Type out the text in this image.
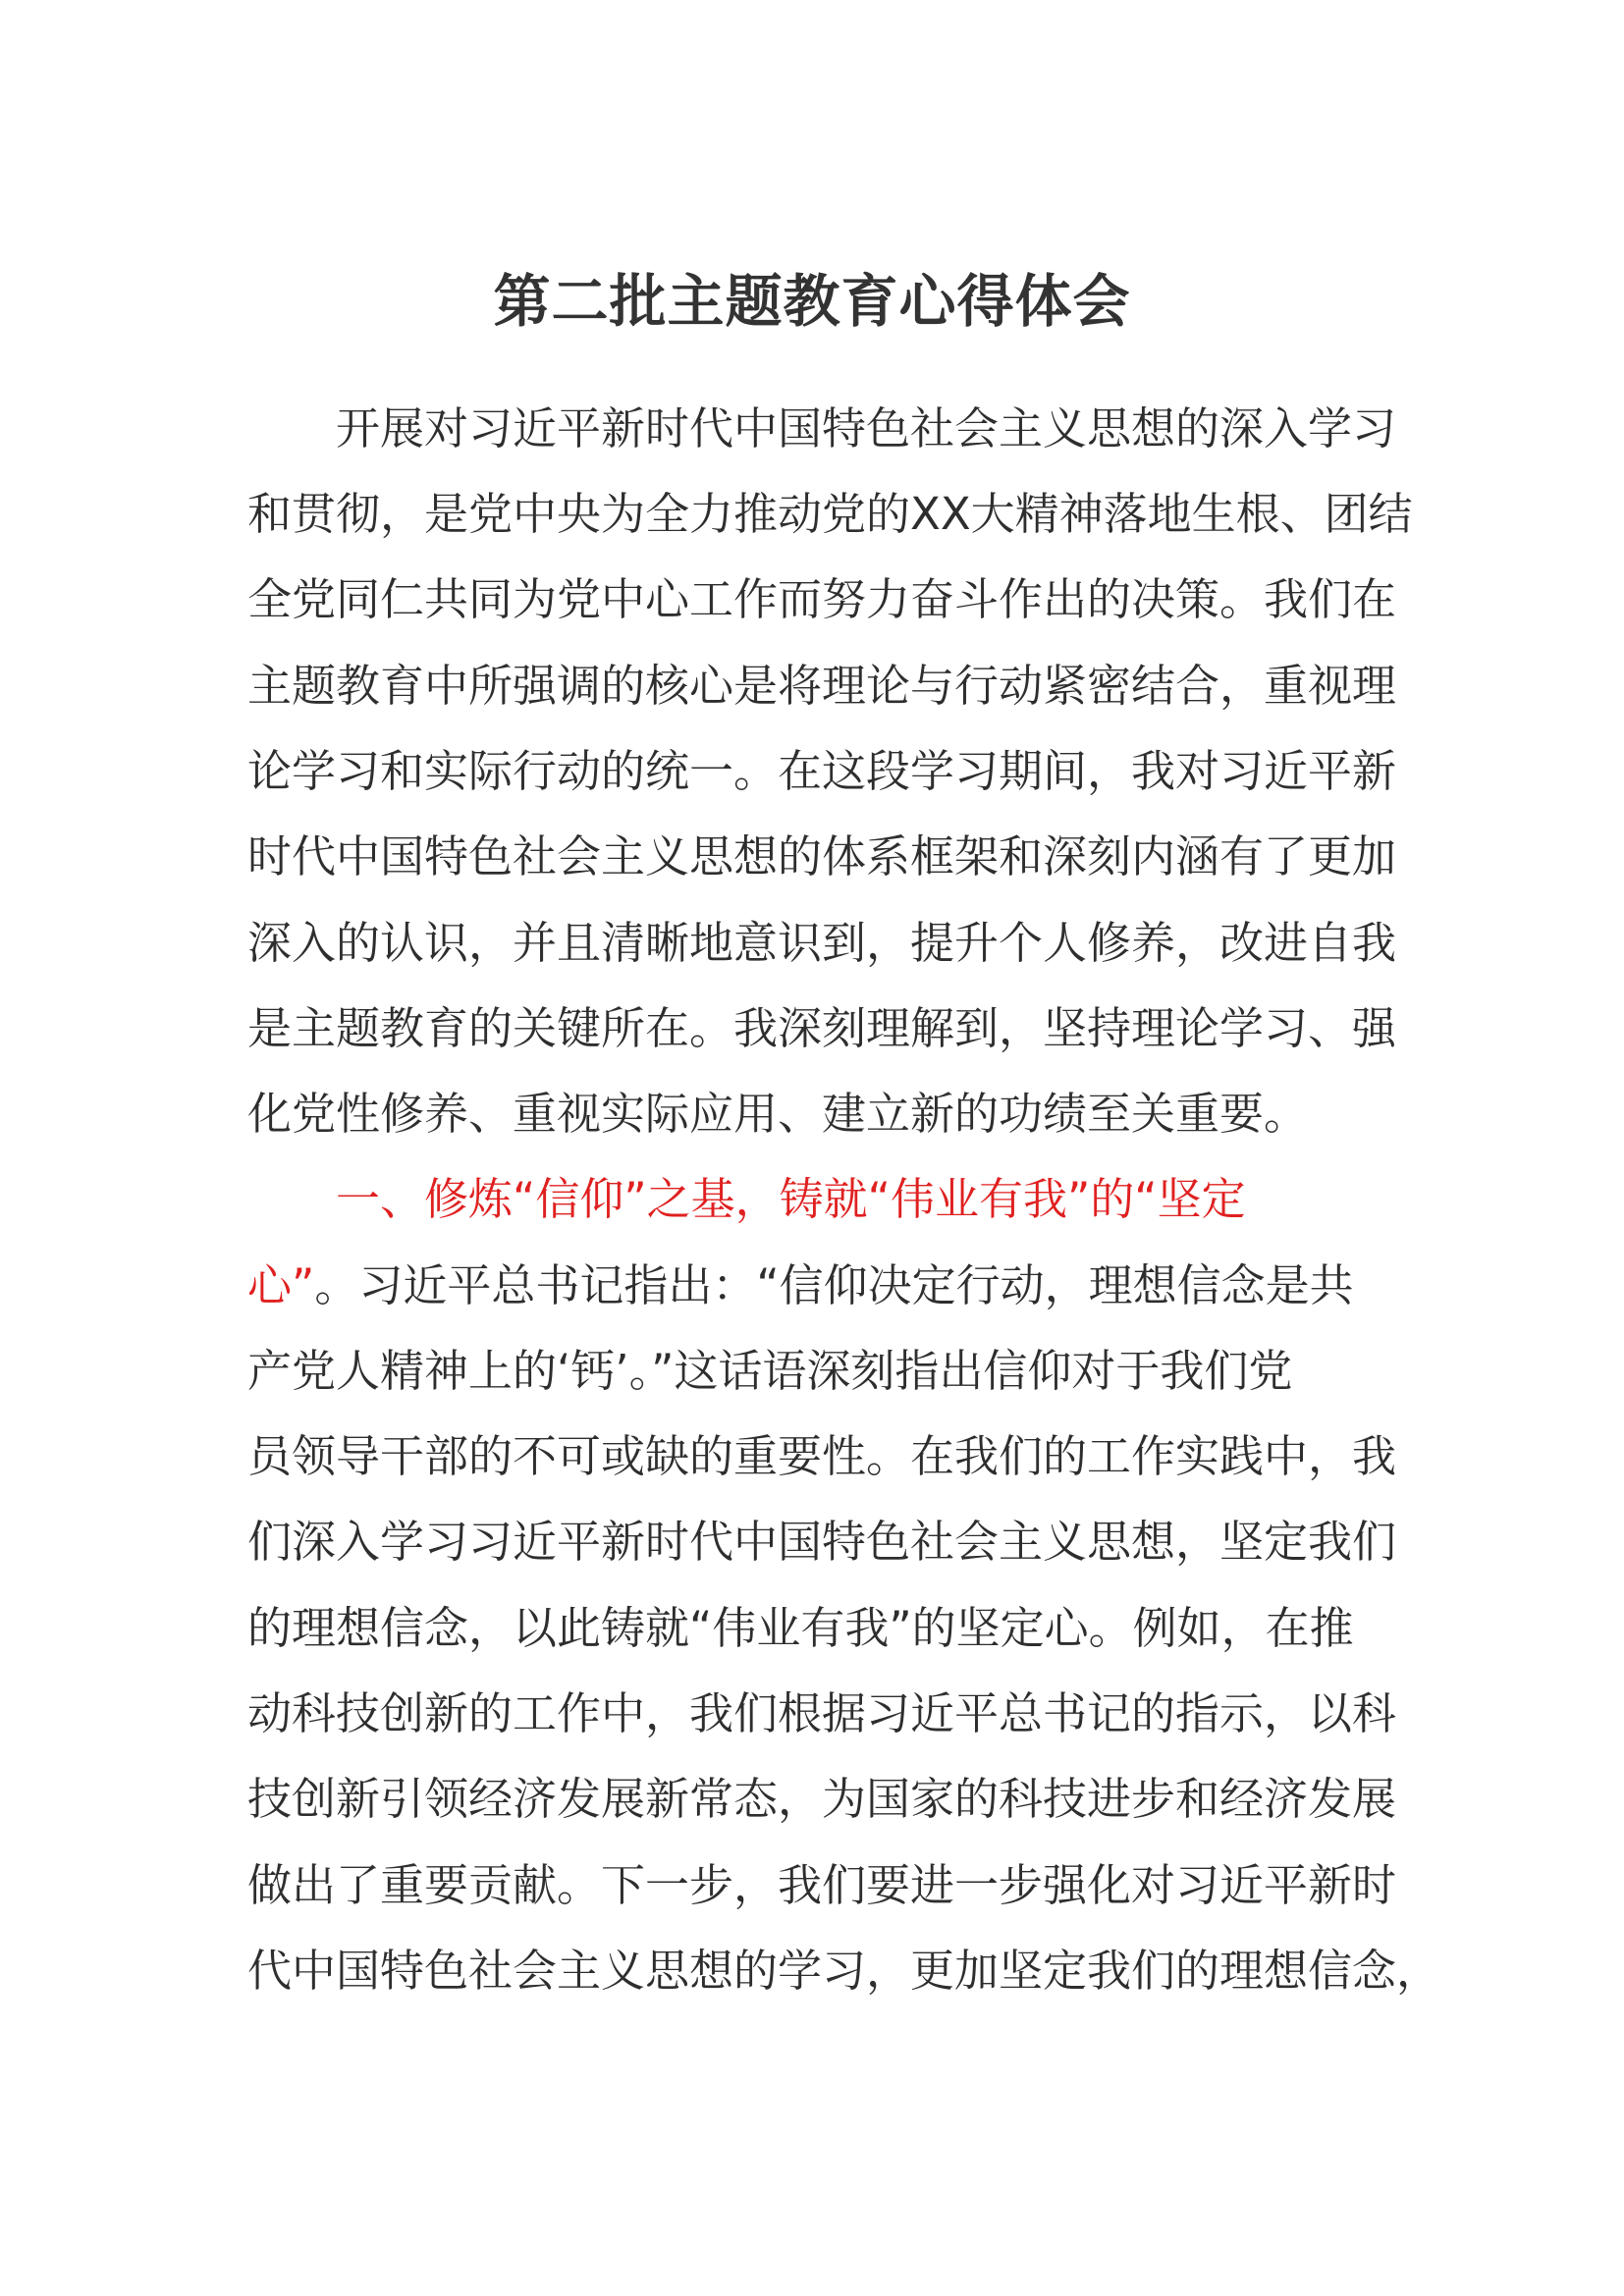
第二批主题教育心得体会
开展对习近平新时代中国特色社会主义思想的深入学习
和贯彻，是党中央为全力推动党的XX大精神落地生根、团结
全党同仁共同为党中心工作而努力奋斗作出的决策。我们在
主题教育中所强调的核心是将理论与行动紧密结合，重视理
论学习和实际行动的统一。在这段学习期间，我对习近平新
时代中国特色社会主义思想的体系框架和深刻内涵有了更加
深入的认识，并且清晰地意识到，提升个人修养，改进自我
是主题教育的关键所在。我深刻理解到，坚持理论学习、强
化党性修养、重视实际应用、建立新的功绩至关重要。
一、修炼“信仰”之基，铸就“伟业有我”的“坚定
心”。习近平总书记指出：“信仰决定行动，理想信念是共
产党人精神上的‘钙’。”这话语深刻指出信仰对于我们党
员领导干部的不可或缺的重要性。在我们的工作实践中，我
们深入学习习近平新时代中国特色社会主义思想，坚定我们
的理想信念，以此铸就“伟业有我”的坚定心。例如，在推
动科技创新的工作中，我们根据习近平总书记的指示，以科
技创新引领经济发展新常态，为国家的科技进步和经济发展
做出了重要贡献。下一步，我们要进一步强化对习近平新时
代中国特色社会主义思想的学习，更加坚定我们的理想信念，
